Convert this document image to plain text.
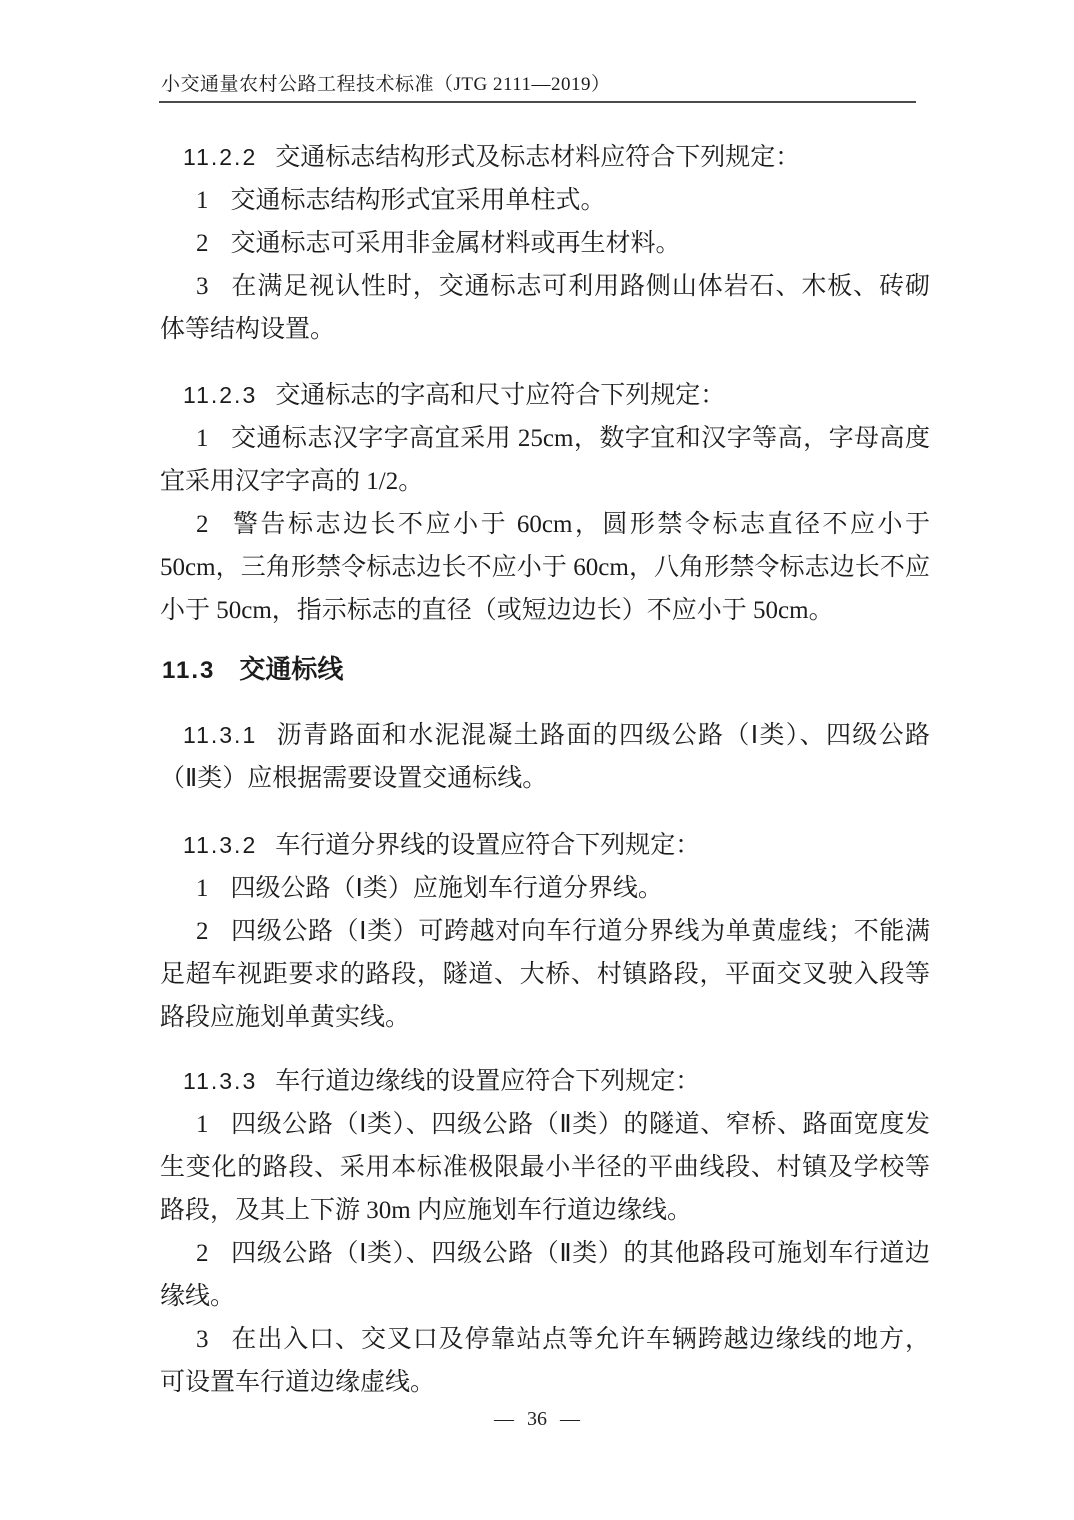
小交通量农村公路工程技术标准（JTG 2111—2019）

11.2.2 交通标志结构形式及标志材料应符合下列规定：

1 交通标志结构形式宜采用单柱式。

2 交通标志可采用非金属材料或再生材料。

3 在满足视认性时，交通标志可利用路侧山体岩石、木板、砖砌体等结构设置。

11.2.3 交通标志的字高和尺寸应符合下列规定：

1 交通标志汉字字高宜采用 25cm，数字宜和汉字等高，字母高度宜采用汉字字高的 1/2。

2 警告标志边长不应小于 60cm，圆形禁令标志直径不应小于 50cm，三角形禁令标志边长不应小于 60cm，八角形禁令标志边长不应小于 50cm，指示标志的直径（或短边边长）不应小于 50cm。

11.3 交通标线

11.3.1 沥青路面和水泥混凝土路面的四级公路（Ⅰ类）、四级公路（Ⅱ类）应根据需要设置交通标线。

11.3.2 车行道分界线的设置应符合下列规定：

1 四级公路（Ⅰ类）应施划车行道分界线。

2 四级公路（Ⅰ类）可跨越对向车行道分界线为单黄虚线；不能满足超车视距要求的路段，隧道、大桥、村镇路段，平面交叉驶入段等路段应施划单黄实线。

11.3.3 车行道边缘线的设置应符合下列规定：

1 四级公路（Ⅰ类）、四级公路（Ⅱ类）的隧道、窄桥、路面宽度发生变化的路段、采用本标准极限最小半径的平曲线段、村镇及学校等路段，及其上下游 30m 内应施划车行道边缘线。

2 四级公路（Ⅰ类）、四级公路（Ⅱ类）的其他路段可施划车行道边缘线。

3 在出入口、交叉口及停靠站点等允许车辆跨越边缘线的地方，可设置车行道边缘虚线。

— 36 —
